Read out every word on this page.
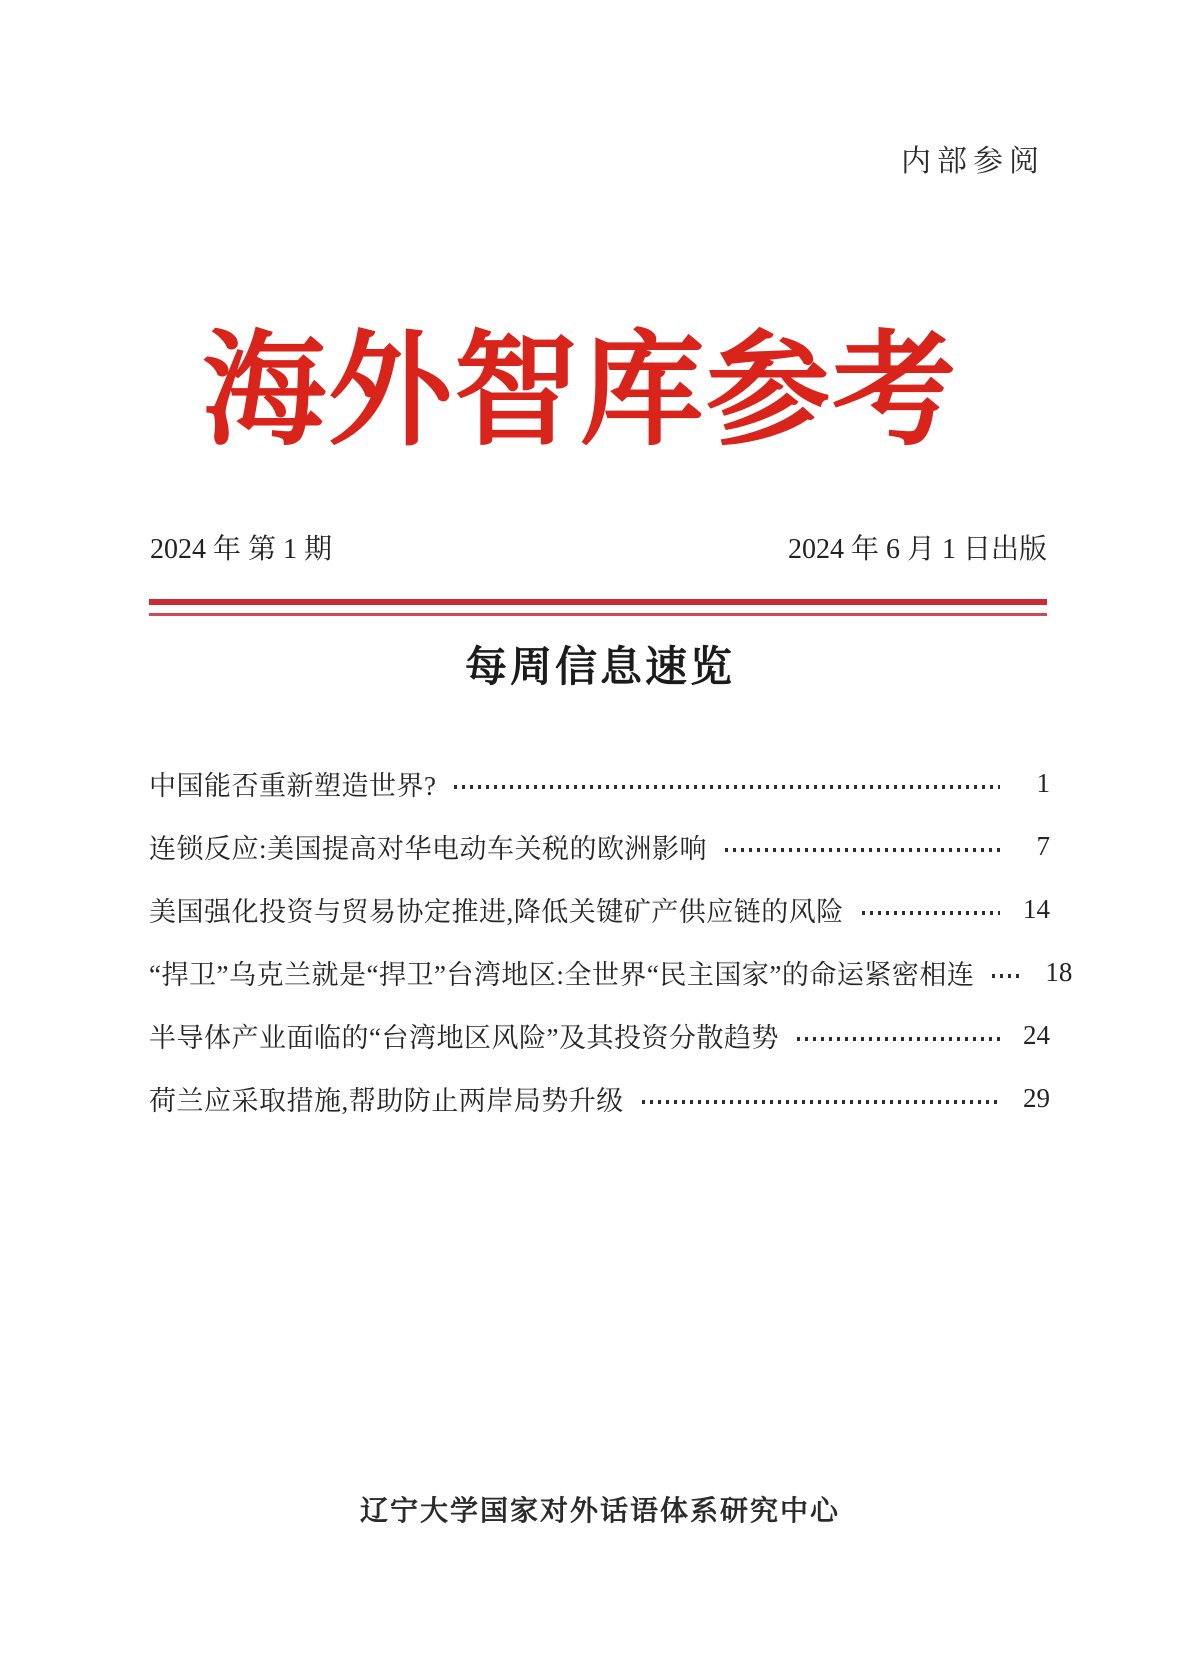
内部参阅
海外智库参考
2024 年 第 1 期	2024 年 6 月 1 日出版
每周信息速览
中国能否重新塑造世界?	1
连锁反应:美国提高对华电动车关税的欧洲影响	7
美国强化投资与贸易协定推进,降低关键矿产供应链的风险	14
“捍卫”乌克兰就是“捍卫”台湾地区:全世界“民主国家”的命运紧密相连	18
半导体产业面临的“台湾地区风险”及其投资分散趋势	24
荷兰应采取措施,帮助防止两岸局势升级	29
辽宁大学国家对外话语体系研究中心
